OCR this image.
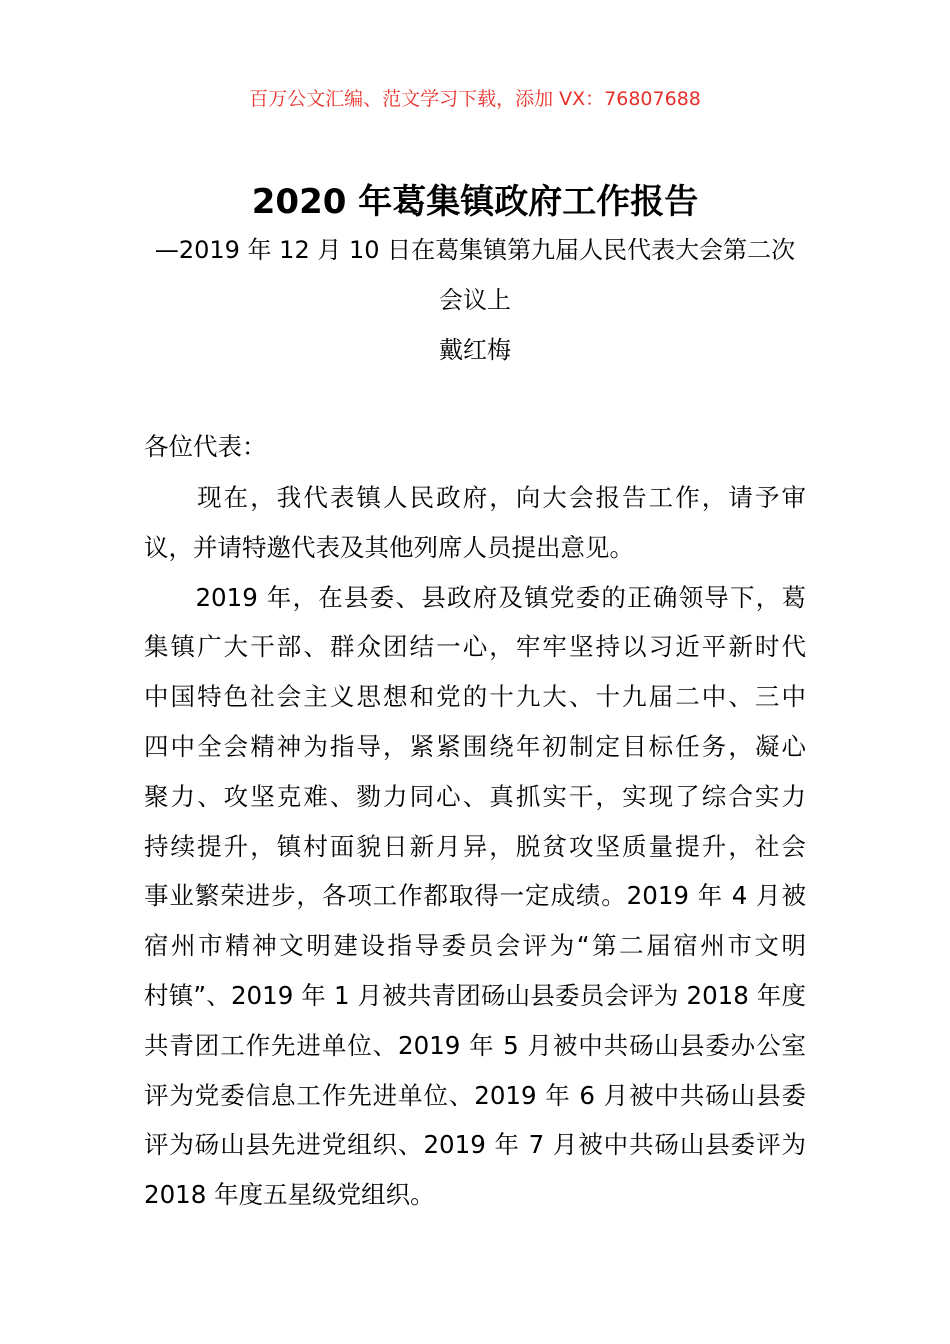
百万公文汇编、范文学习下载，添加 VX：76807688
2020 年葛集镇政府工作报告
—2019 年 12 月 10 日在葛集镇第九届人民代表大会第二次
会议上
戴红梅
各位代表：
　　现在，我代表镇人民政府，向大会报告工作，请予审
议，并请特邀代表及其他列席人员提出意见。
　　2019 年，在县委、县政府及镇党委的正确领导下，葛
集镇广大干部、群众团结一心，牢牢坚持以习近平新时代
中国特色社会主义思想和党的十九大、十九届二中、三中
四中全会精神为指导，紧紧围绕年初制定目标任务，凝心
聚力、攻坚克难、勠力同心、真抓实干，实现了综合实力
持续提升，镇村面貌日新月异，脱贫攻坚质量提升，社会
事业繁荣进步，各项工作都取得一定成绩。2019 年 4 月被
宿州市精神文明建设指导委员会评为“第二届宿州市文明
村镇”、2019 年 1 月被共青团砀山县委员会评为 2018 年度
共青团工作先进单位、2019 年 5 月被中共砀山县委办公室
评为党委信息工作先进单位、2019 年 6 月被中共砀山县委
评为砀山县先进党组织、2019 年 7 月被中共砀山县委评为
2018 年度五星级党组织。
